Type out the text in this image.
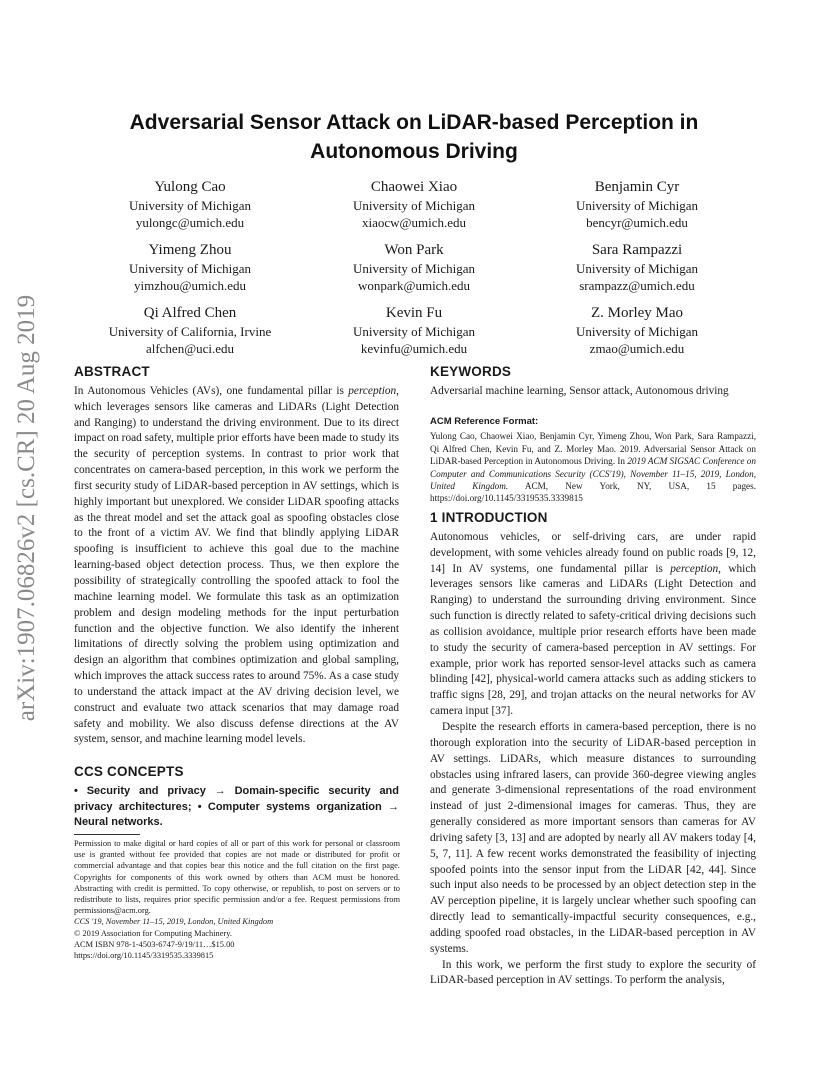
arXiv:1907.06826v2 [cs.CR] 20 Aug 2019
Adversarial Sensor Attack on LiDAR-based Perception in
Autonomous Driving
Yulong Cao
University of Michigan
yulongc@umich.edu
Chaowei Xiao
University of Michigan
xiaocw@umich.edu
Benjamin Cyr
University of Michigan
bencyr@umich.edu
Yimeng Zhou
University of Michigan
yimzhou@umich.edu
Won Park
University of Michigan
wonpark@umich.edu
Sara Rampazzi
University of Michigan
srampazz@umich.edu
Qi Alfred Chen
University of California, Irvine
alfchen@uci.edu
Kevin Fu
University of Michigan
kevinfu@umich.edu
Z. Morley Mao
University of Michigan
zmao@umich.edu
ABSTRACT

In Autonomous Vehicles (AVs), one fundamental pillar is perception, which leverages sensors like cameras and LiDARs (Light Detection and Ranging) to understand the driving environment. Due to its direct impact on road safety, multiple prior efforts have been made to study its the security of perception systems. In contrast to prior work that concentrates on camera-based perception, in this work we perform the first security study of LiDAR-based perception in AV settings, which is highly important but unexplored. We consider LiDAR spoofing attacks as the threat model and set the attack goal as spoofing obstacles close to the front of a victim AV. We find that blindly applying LiDAR spoofing is insufficient to achieve this goal due to the machine learning-based object detection process. Thus, we then explore the possibility of strategically controlling the spoofed attack to fool the machine learning model. We formulate this task as an optimization problem and design modeling methods for the input perturbation function and the objective function. We also identify the inherent limitations of directly solving the problem using optimization and design an algorithm that combines optimization and global sampling, which improves the attack success rates to around 75%. As a case study to understand the attack impact at the AV driving decision level, we construct and evaluate two attack scenarios that may damage road safety and mobility. We also discuss defense directions at the AV system, sensor, and machine learning model levels.

CCS CONCEPTS

• Security and privacy → Domain-specific security and privacy architectures; • Computer systems organization → Neural networks.

Permission to make digital or hard copies of all or part of this work for personal or classroom use is granted without fee provided that copies are not made or distributed for profit or commercial advantage and that copies bear this notice and the full citation on the first page. Copyrights for components of this work owned by others than ACM must be honored. Abstracting with credit is permitted. To copy otherwise, or republish, to post on servers or to redistribute to lists, requires prior specific permission and/or a fee. Request permissions from permissions@acm.org.

CCS '19, November 11–15, 2019, London, United Kingdom

© 2019 Association for Computing Machinery.

ACM ISBN 978-1-4503-6747-9/19/11…$15.00

https://doi.org/10.1145/3319535.3339815

KEYWORDS

Adversarial machine learning, Sensor attack, Autonomous driving

ACM Reference Format:

Yulong Cao, Chaowei Xiao, Benjamin Cyr, Yimeng Zhou, Won Park, Sara Rampazzi, Qi Alfred Chen, Kevin Fu, and Z. Morley Mao. 2019. Adversarial Sensor Attack on LiDAR-based Perception in Autonomous Driving. In 2019 ACM SIGSAC Conference on Computer and Communications Security (CCS'19), November 11–15, 2019, London, United Kingdom. ACM, New York, NY, USA, 15 pages. https://doi.org/10.1145/3319535.3339815

1 INTRODUCTION

Autonomous vehicles, or self-driving cars, are under rapid development, with some vehicles already found on public roads [9, 12, 14] In AV systems, one fundamental pillar is perception, which leverages sensors like cameras and LiDARs (Light Detection and Ranging) to understand the surrounding driving environment. Since such function is directly related to safety-critical driving decisions such as collision avoidance, multiple prior research efforts have been made to study the security of camera-based perception in AV settings. For example, prior work has reported sensor-level attacks such as camera blinding [42], physical-world camera attacks such as adding stickers to traffic signs [28, 29], and trojan attacks on the neural networks for AV camera input [37].

Despite the research efforts in camera-based perception, there is no thorough exploration into the security of LiDAR-based perception in AV settings. LiDARs, which measure distances to surrounding obstacles using infrared lasers, can provide 360-degree viewing angles and generate 3-dimensional representations of the road environment instead of just 2-dimensional images for cameras. Thus, they are generally considered as more important sensors than cameras for AV driving safety [3, 13] and are adopted by nearly all AV makers today [4, 5, 7, 11]. A few recent works demonstrated the feasibility of injecting spoofed points into the sensor input from the LiDAR [42, 44]. Since such input also needs to be processed by an object detection step in the AV perception pipeline, it is largely unclear whether such spoofing can directly lead to semantically-impactful security consequences, e.g., adding spoofed road obstacles, in the LiDAR-based perception in AV systems.

In this work, we perform the first study to explore the security of LiDAR-based perception in AV settings. To perform the analysis,
